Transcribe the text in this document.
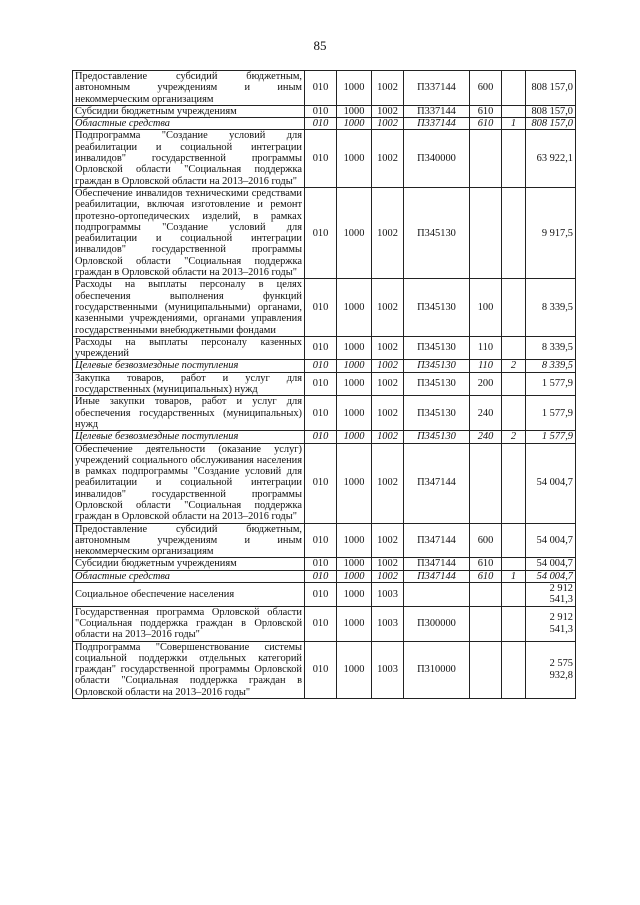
85
Предоставление субсидий бюджетным, автономным учреждениям и иным некоммерческим организациям	010	1000	1002	П337144	600		808 157,0
Субсидии бюджетным учреждениям	010	1000	1002	П337144	610		808 157,0
Областные средства	010	1000	1002	П337144	610	1	808 157,0
Подпрограмма "Создание условий для реабилитации и социальной интеграции инвалидов" государственной программы Орловской области "Социальная поддержка граждан в Орловской области на 2013–2016 годы"	010	1000	1002	П340000			63 922,1
Обеспечение инвалидов техническими средствами реабилитации, включая изготовление и ремонт протезно-ортопедических изделий, в рамках подпрограммы "Создание условий для реабилитации и социальной интеграции инвалидов" государственной программы Орловской области "Социальная поддержка граждан в Орловской области на 2013–2016 годы"	010	1000	1002	П345130			9 917,5
Расходы на выплаты персоналу в целях обеспечения выполнения функций государственными (муниципальными) органами, казенными учреждениями, органами управления государственными внебюджетными фондами	010	1000	1002	П345130	100		8 339,5
Расходы на выплаты персоналу казенных учреждений	010	1000	1002	П345130	110		8 339,5
Целевые безвозмездные поступления	010	1000	1002	П345130	110	2	8 339,5
Закупка товаров, работ и услуг для государственных (муниципальных) нужд	010	1000	1002	П345130	200		1 577,9
Иные закупки товаров, работ и услуг для обеспечения государственных (муниципальных) нужд	010	1000	1002	П345130	240		1 577,9
Целевые безвозмездные поступления	010	1000	1002	П345130	240	2	1 577,9
Обеспечение деятельности (оказание услуг) учреждений социального обслуживания населения в рамках подпрограммы "Создание условий для реабилитации и социальной интеграции инвалидов" государственной программы Орловской области "Социальная поддержка граждан в Орловской области на 2013–2016 годы"	010	1000	1002	П347144			54 004,7
Предоставление субсидий бюджетным, автономным учреждениям и иным некоммерческим организациям	010	1000	1002	П347144	600		54 004,7
Субсидии бюджетным учреждениям	010	1000	1002	П347144	610		54 004,7
Областные средства	010	1000	1002	П347144	610	1	54 004,7
Социальное обеспечение населения	010	1000	1003				2 912 541,3
Государственная программа Орловской области "Социальная поддержка граждан в Орловской области на 2013–2016 годы"	010	1000	1003	П300000			2 912 541,3
Подпрограмма "Совершенствование системы социальной поддержки отдельных категорий граждан" государственной программы Орловской области "Социальная поддержка граждан в Орловской области на 2013–2016 годы"	010	1000	1003	П310000			2 575 932,8
